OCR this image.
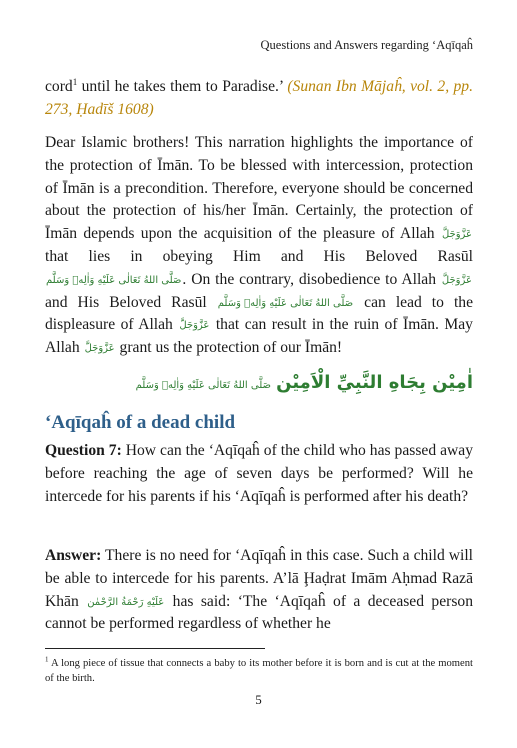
Questions and Answers regarding ‘Aqīqaĥ

cord$^1$ until he takes them to Paradise.’ (Sunan Ibn Mājaĥ, vol. 2, pp. 273, Ḥadīš 1608)

Dear Islamic brothers! This narration highlights the importance of the protection of Īmān. To be blessed with intercession, protection of Īmān is a precondition. Therefore, everyone should be concerned about the protection of his/her Īmān. Certainly, the protection of Īmān depends upon the acquisition of the pleasure of Allah عَزَّوَجَلَّ that lies in obeying Him and His Beloved Rasūl صَلَّى اللهُ تَعَالٰى عَلَيْهِ وَاٰلِهٖ وَسَلَّم. On the contrary, disobedience to Allah عَزَّوَجَلَّ and His Beloved Rasūl صَلَّى اللهُ تَعَالٰى عَلَيْهِ وَاٰلِهٖ وَسَلَّم can lead to the displeasure of Allah عَزَّوَجَلَّ that can result in the ruin of Īmān. May Allah عَزَّوَجَلَّ grant us the protection of our Īmān!

اٰمِيْن بِجَاهِ النَّبِيِّ الْاَمِيْن صَلَّى اللهُ تَعَالٰى عَلَيْهِ وَاٰلِهٖ وَسَلَّم
‘Aqīqaĥ of a dead child

Question 7: How can the ‘Aqīqaĥ of the child who has passed away before reaching the age of seven days be performed? Will he intercede for his parents if his ‘Aqīqaĥ is performed after his death?

Answer: There is no need for ‘Aqīqaĥ in this case. Such a child will be able to intercede for his parents. A’lā Ḩaḍrat Imām Aḥmad Razā Khān عَلَيْهِ رَحْمَةُ الرَّحْمٰن has said: ‘The ‘Aqīqaĥ of a deceased person cannot be performed regardless of whether he

$^1$ A long piece of tissue that connects a baby to its mother before it is born and is cut at the moment of the birth.

5
